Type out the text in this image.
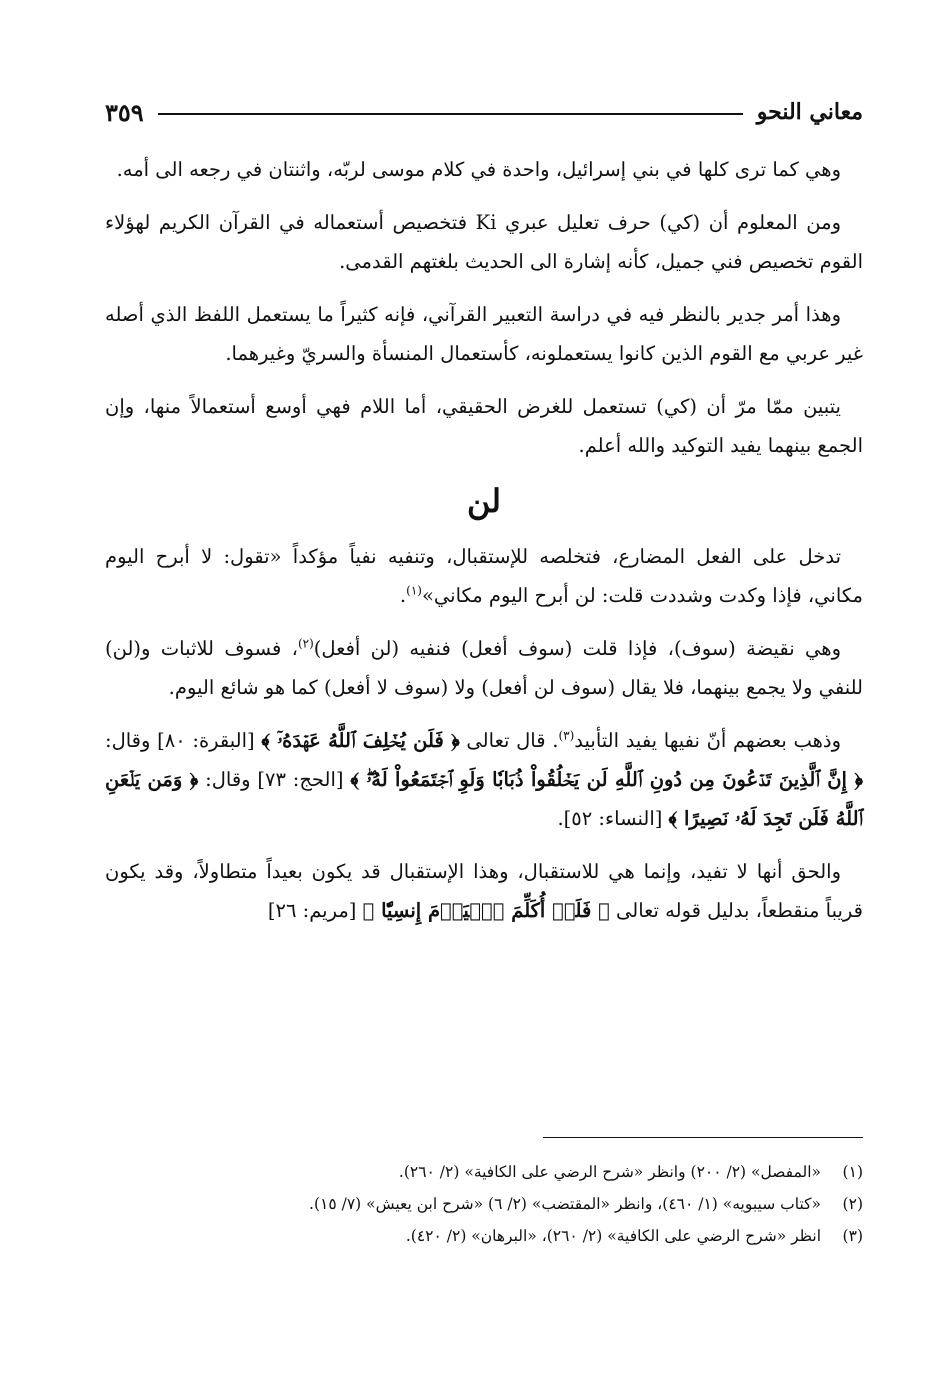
معاني النحو
٣٥٩

وهي كما ترى كلها في بني إسرائيل، واحدة في كلام موسى لربّه، واثنتان في رجعه الى أمه.

ومن المعلوم أن (كي) حرف تعليل عبري Ki فتخصيص أستعماله في القرآن الكريم لهؤلاء القوم تخصيص فني جميل، كأنه إشارة الى الحديث بلغتهم القدمى.

وهذا أمر جدير بالنظر فيه في دراسة التعبير القرآني، فإنه كثيراً ما يستعمل اللفظ الذي أصله غير عربي مع القوم الذين كانوا يستعملونه، كأستعمال المنسأة والسريّ وغيرهما.

يتبين ممّا مرّ أن (كي) تستعمل للغرض الحقيقي، أما اللام فهي أوسع أستعمالاً منها، وإن الجمع بينهما يفيد التوكيد والله أعلم.

لن

تدخل على الفعل المضارع، فتخلصه للإستقبال، وتنفيه نفياً مؤكداً «تقول: لا أبرح اليوم مكاني، فإذا وكدت وشددت قلت: لن أبرح اليوم مكاني»$^{(١)}$.

وهي نقيضة (سوف)، فإذا قلت (سوف أفعل) فنفيه (لن أفعل)$^{(٢)}$، فسوف للاثبات و(لن) للنفي ولا يجمع بينهما، فلا يقال (سوف لن أفعل) ولا (سوف لا أفعل) كما هو شائع اليوم.

وذهب بعضهم أنّ نفيها يفيد التأبيد$^{(٣)}$. قال تعالى ﴿ فَلَن يُخۡلِفَ ٱللَّهُ عَهۡدَهُۥٓ ﴾ [البقرة: ٨٠] وقال: ﴿ إِنَّ ٱلَّذِينَ تَدۡعُونَ مِن دُونِ ٱللَّهِ لَن يَخۡلُقُواْ ذُبَابٗا وَلَوِ ٱجۡتَمَعُواْ لَهُۥۖ ﴾ [الحج: ٧٣] وقال: ﴿ وَمَن يَلۡعَنِ ٱللَّهُ فَلَن تَجِدَ لَهُۥ نَصِيرًا ﴾ [النساء: ٥٢].

والحق أنها لا تفيد، وإنما هي للاستقبال، وهذا الإستقبال قد يكون بعيداً متطاولاً، وقد يكون قريباً منقطعاً، بدليل قوله تعالى ﴿ فَلَنۡ أُكَلِّمَ ٱلۡيَوۡمَ إِنسِيّٗا ﴾ [مريم: ٢٦]

(١)
«المفصل» (٢/ ٢٠٠) وانظر «شرح الرضي على الكافية» (٢/ ٢٦٠).
(٢)
«كتاب سيبويه» (١/ ٤٦٠)، وانظر «المقتضب» (٢/ ٦) «شرح ابن يعيش» (٧/ ١٥).
(٣)
انظر «شرح الرضي على الكافية» (٢/ ٢٦٠)، «البرهان» (٢/ ٤٢٠).
